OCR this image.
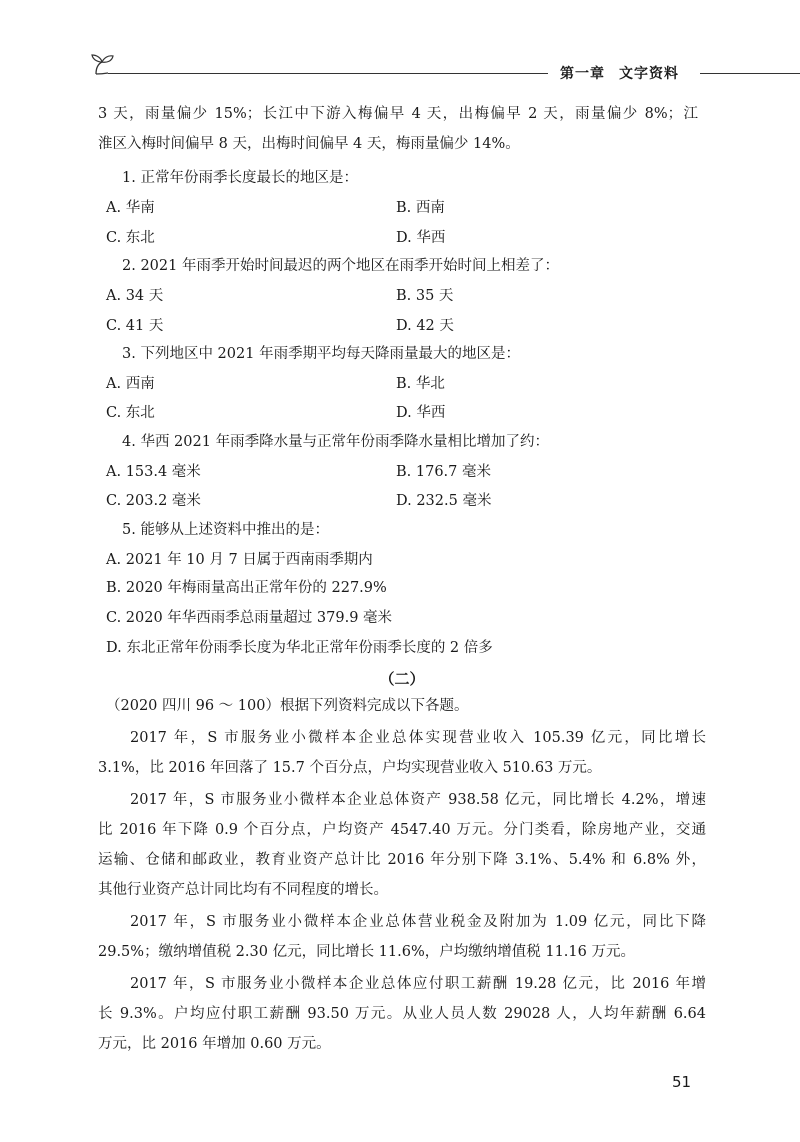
第一章 文字资料
3 天，雨量偏少 15%；长江中下游入梅偏早 4 天，出梅偏早 2 天，雨量偏少 8%；江
淮区入梅时间偏早 8 天，出梅时间偏早 4 天，梅雨量偏少 14%。
1. 正常年份雨季长度最长的地区是：
A. 华南	B. 西南
C. 东北	D. 华西
2. 2021 年雨季开始时间最迟的两个地区在雨季开始时间上相差了：
A. 34 天	B. 35 天
C. 41 天	D. 42 天
3. 下列地区中 2021 年雨季期平均每天降雨量最大的地区是：
A. 西南	B. 华北
C. 东北	D. 华西
4. 华西 2021 年雨季降水量与正常年份雨季降水量相比增加了约：
A. 153.4 毫米	B. 176.7 毫米
C. 203.2 毫米	D. 232.5 毫米
5. 能够从上述资料中推出的是：
A. 2021 年 10 月 7 日属于西南雨季期内
B. 2020 年梅雨量高出正常年份的 227.9%
C. 2020 年华西雨季总雨量超过 379.9 毫米
D. 东北正常年份雨季长度为华北正常年份雨季长度的 2 倍多
（二）
（2020 四川 96 ～ 100）根据下列资料完成以下各题。
2017 年，S 市服务业小微样本企业总体实现营业收入 105.39 亿元，同比增长
3.1%，比 2016 年回落了 15.7 个百分点，户均实现营业收入 510.63 万元。
2017 年，S 市服务业小微样本企业总体资产 938.58 亿元，同比增长 4.2%，增速
比 2016 年下降 0.9 个百分点，户均资产 4547.40 万元。分门类看，除房地产业，交通
运输、仓储和邮政业，教育业资产总计比 2016 年分别下降 3.1%、5.4% 和 6.8% 外，
其他行业资产总计同比均有不同程度的增长。
2017 年，S 市服务业小微样本企业总体营业税金及附加为 1.09 亿元，同比下降
29.5%；缴纳增值税 2.30 亿元，同比增长 11.6%，户均缴纳增值税 11.16 万元。
2017 年，S 市服务业小微样本企业总体应付职工薪酬 19.28 亿元，比 2016 年增
长 9.3%。户均应付职工薪酬 93.50 万元。从业人员人数 29028 人，人均年薪酬 6.64
万元，比 2016 年增加 0.60 万元。
51
